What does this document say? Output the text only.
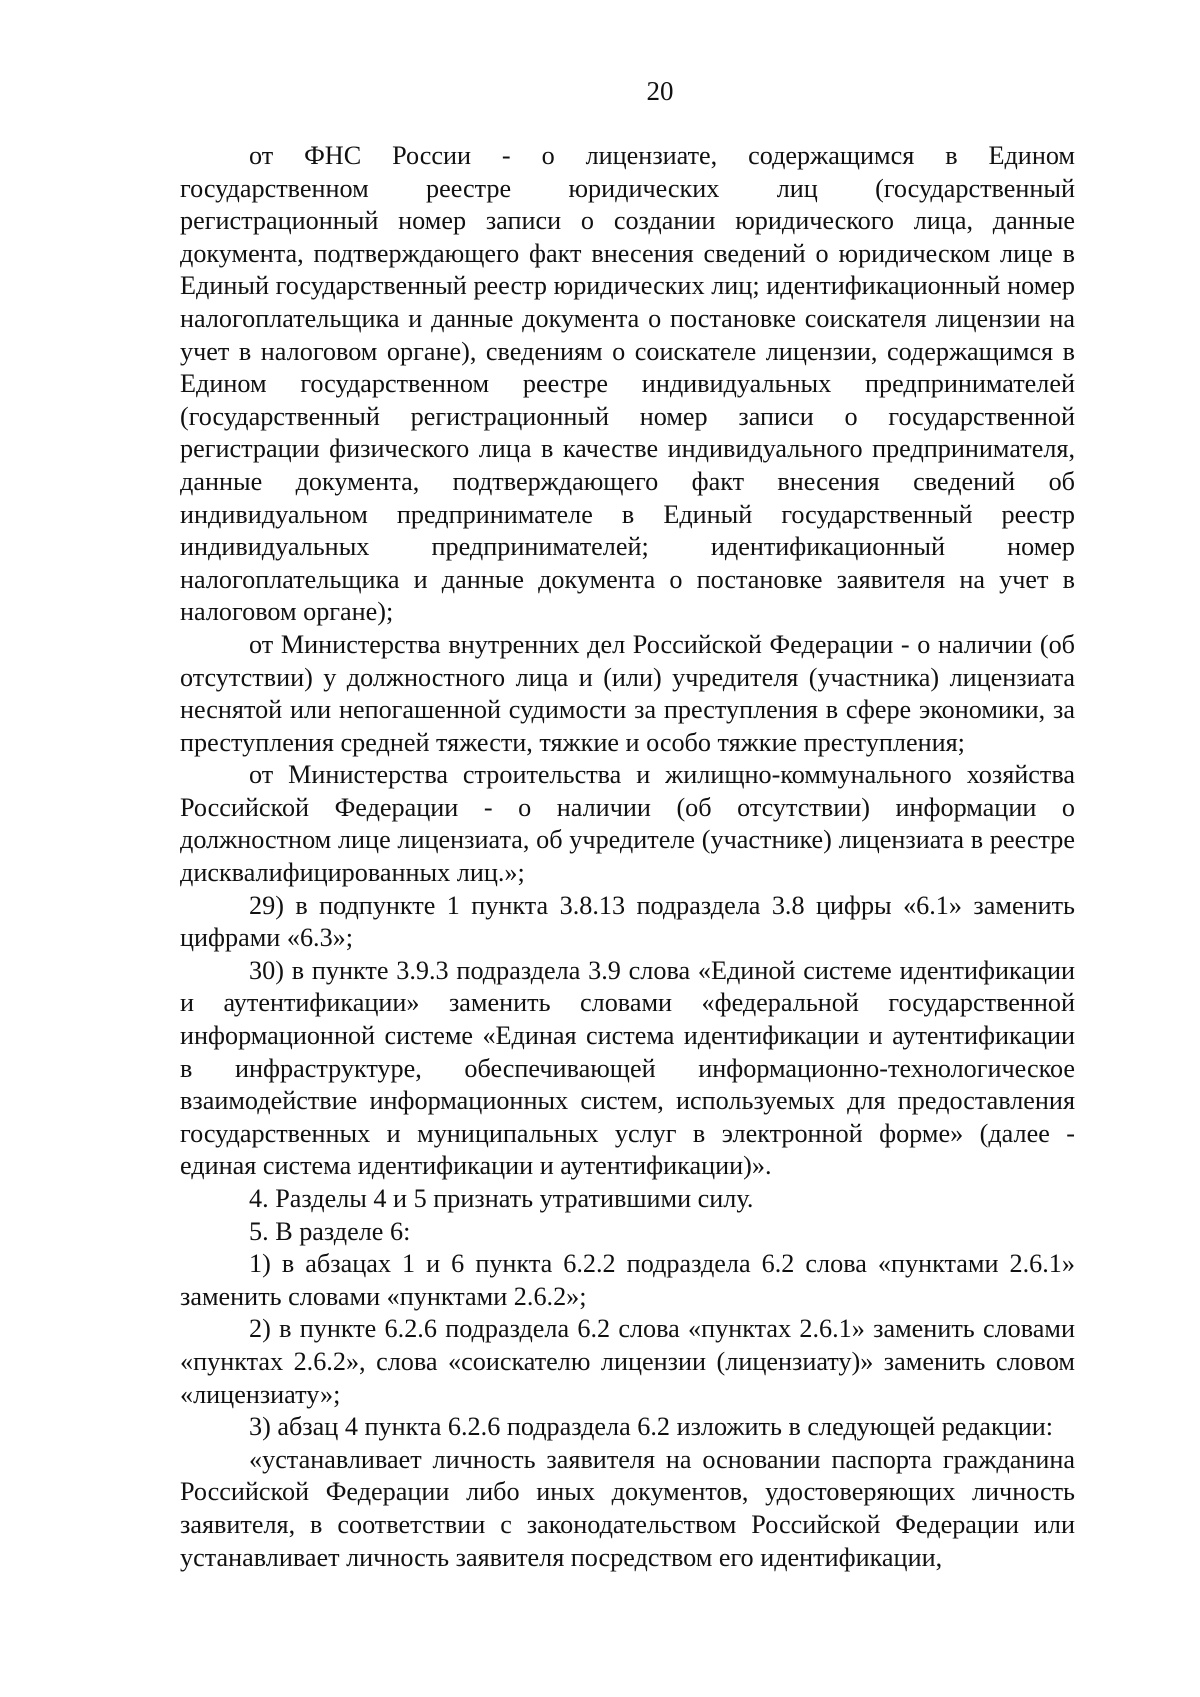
20

от ФНС России - о лицензиате, содержащимся в Едином государственном реестре юридических лиц (государственный регистрационный номер записи о создании юридического лица, данные документа, подтверждающего факт внесения сведений о юридическом лице в Единый государственный реестр юридических лиц; идентификационный номер налогоплательщика и данные документа о постановке соискателя лицензии на учет в налоговом органе), сведениям о соискателе лицензии, содержащимся в Едином государственном реестре индивидуальных предпринимателей (государственный регистрационный номер записи о государственной регистрации физического лица в качестве индивидуального предпринимателя, данные документа, подтверждающего факт внесения сведений об индивидуальном предпринимателе в Единый государственный реестр индивидуальных предпринимателей; идентификационный номер налогоплательщика и данные документа о постановке заявителя на учет в налоговом органе);

от Министерства внутренних дел Российской Федерации - о наличии (об отсутствии) у должностного лица и (или) учредителя (участника) лицензиата неснятой или непогашенной судимости за преступления в сфере экономики, за преступления средней тяжести, тяжкие и особо тяжкие преступления;

от Министерства строительства и жилищно-коммунального хозяйства Российской Федерации - о наличии (об отсутствии) информации о должностном лице лицензиата, об учредителе (участнике) лицензиата в реестре дисквалифицированных лиц.»;

29) в подпункте 1 пункта 3.8.13 подраздела 3.8 цифры «6.1» заменить цифрами «6.3»;

30) в пункте 3.9.3 подраздела 3.9 слова «Единой системе идентификации и аутентификации» заменить словами «федеральной государственной информационной системе «Единая система идентификации и аутентификации в инфраструктуре, обеспечивающей информационно-технологическое взаимодействие информационных систем, используемых для предоставления государственных и муниципальных услуг в электронной форме» (далее - единая система идентификации и аутентификации)».

4. Разделы 4 и 5 признать утратившими силу.

5. В разделе 6:

1) в абзацах 1 и 6 пункта 6.2.2 подраздела 6.2 слова «пунктами 2.6.1» заменить словами «пунктами 2.6.2»;

2) в пункте 6.2.6 подраздела 6.2 слова «пунктах 2.6.1» заменить словами «пунктах 2.6.2», слова «соискателю лицензии (лицензиату)» заменить словом «лицензиату»;

3) абзац 4 пункта 6.2.6 подраздела 6.2 изложить в следующей редакции:

«устанавливает личность заявителя на основании паспорта гражданина Российской Федерации либо иных документов, удостоверяющих личность заявителя, в соответствии с законодательством Российской Федерации или устанавливает личность заявителя посредством его идентификации,
